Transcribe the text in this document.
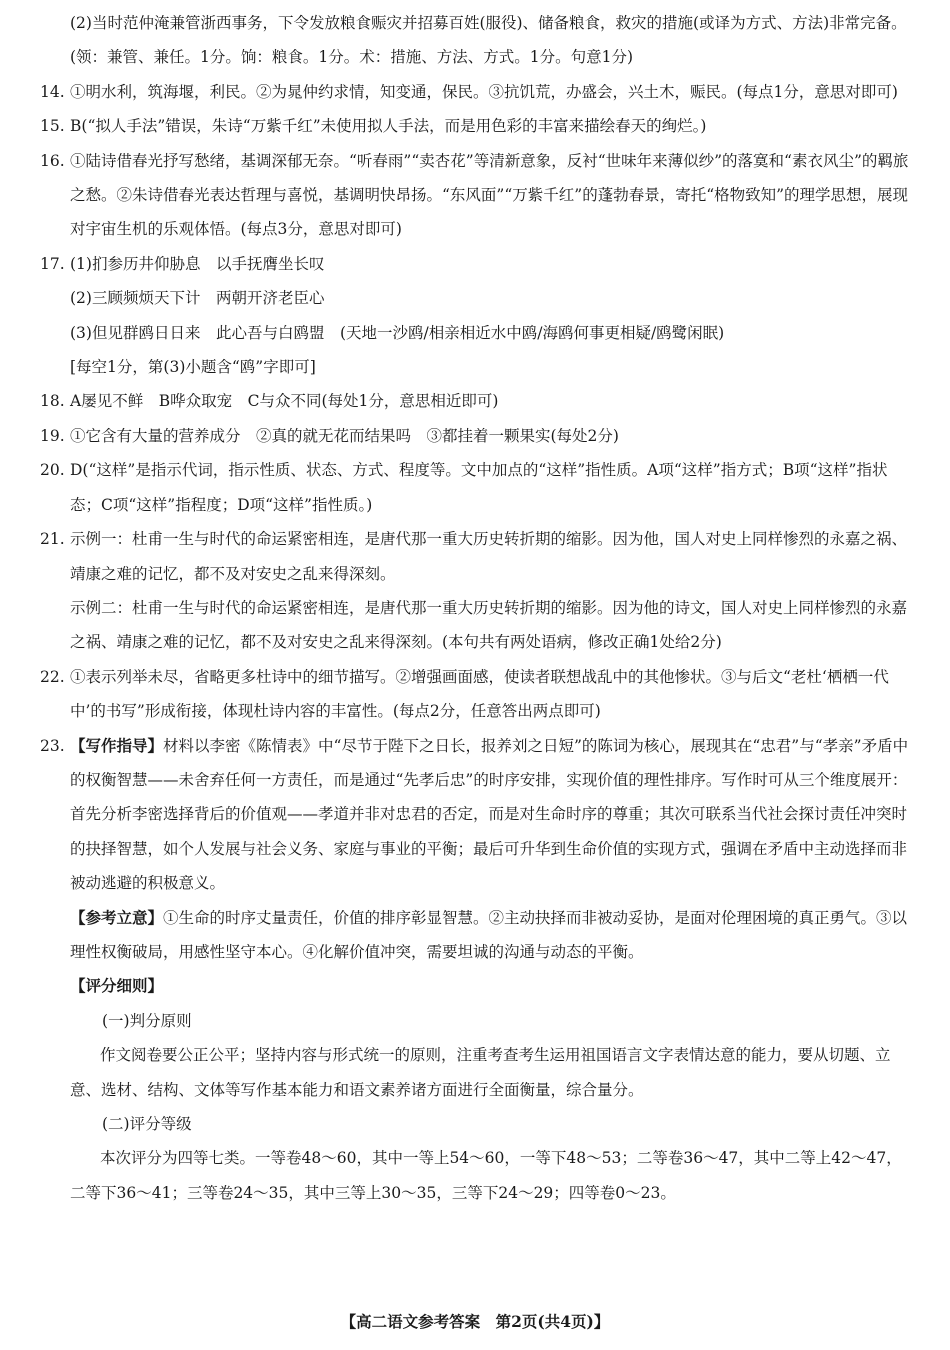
(2)当时范仲淹兼管浙西事务，下令发放粮食赈灾并招募百姓(服役)、储备粮食，救灾的措施(或译为方式、方法)非常完备。(领：兼管、兼任。1分。饷：粮食。1分。术：措施、方法、方式。1分。句意1分)

14. ①明水利，筑海堰，利民。②为晁仲约求情，知变通，保民。③抗饥荒，办盛会，兴土木，赈民。(每点1分，意思对即可)

15. B(“拟人手法”错误，朱诗“万紫千红”未使用拟人手法，而是用色彩的丰富来描绘春天的绚烂。)

16. ①陆诗借春光抒写愁绪，基调深郁无奈。“听春雨”“卖杏花”等清新意象，反衬“世味年来薄似纱”的落寞和“素衣风尘”的羁旅之愁。②朱诗借春光表达哲理与喜悦，基调明快昂扬。“东风面”“万紫千红”的蓬勃春景，寄托“格物致知”的理学思想，展现对宇宙生机的乐观体悟。(每点3分，意思对即可)

17. (1)扪参历井仰胁息　以手抚膺坐长叹

(2)三顾频烦天下计　两朝开济老臣心

(3)但见群鸥日日来　此心吾与白鸥盟　(天地一沙鸥/相亲相近水中鸥/海鸥何事更相疑/鸥鹭闲眠)

[每空1分，第(3)小题含“鸥”字即可]

18. A屡见不鲜　B哗众取宠　C与众不同(每处1分，意思相近即可)

19. ①它含有大量的营养成分　②真的就无花而结果吗　③都挂着一颗果实(每处2分)

20. D(“这样”是指示代词，指示性质、状态、方式、程度等。文中加点的“这样”指性质。A项“这样”指方式；B项“这样”指状态；C项“这样”指程度；D项“这样”指性质。)

21. 示例一：杜甫一生与时代的命运紧密相连，是唐代那一重大历史转折期的缩影。因为他，国人对史上同样惨烈的永嘉之祸、靖康之难的记忆，都不及对安史之乱来得深刻。

示例二：杜甫一生与时代的命运紧密相连，是唐代那一重大历史转折期的缩影。因为他的诗文，国人对史上同样惨烈的永嘉之祸、靖康之难的记忆，都不及对安史之乱来得深刻。(本句共有两处语病，修改正确1处给2分)

22. ①表示列举未尽，省略更多杜诗中的细节描写。②增强画面感，使读者联想战乱中的其他惨状。③与后文“老杜‘栖栖一代中’的书写”形成衔接，体现杜诗内容的丰富性。(每点2分，任意答出两点即可)

23. 【写作指导】材料以李密《陈情表》中“尽节于陛下之日长，报养刘之日短”的陈词为核心，展现其在“忠君”与“孝亲”矛盾中的权衡智慧——未舍弃任何一方责任，而是通过“先孝后忠”的时序安排，实现价值的理性排序。写作时可从三个维度展开：首先分析李密选择背后的价值观——孝道并非对忠君的否定，而是对生命时序的尊重；其次可联系当代社会探讨责任冲突时的抉择智慧，如个人发展与社会义务、家庭与事业的平衡；最后可升华到生命价值的实现方式，强调在矛盾中主动选择而非被动逃避的积极意义。

【参考立意】①生命的时序丈量责任，价值的排序彰显智慧。②主动抉择而非被动妥协，是面对伦理困境的真正勇气。③以理性权衡破局，用感性坚守本心。④化解价值冲突，需要坦诚的沟通与动态的平衡。

【评分细则】

(一)判分原则

作文阅卷要公正公平；坚持内容与形式统一的原则，注重考查考生运用祖国语言文字表情达意的能力，要从切题、立意、选材、结构、文体等写作基本能力和语文素养诸方面进行全面衡量，综合量分。

(二)评分等级

本次评分为四等七类。一等卷48～60，其中一等上54～60，一等下48～53；二等卷36～47，其中二等上42～47，二等下36～41；三等卷24～35，其中三等上30～35，三等下24～29；四等卷0～23。

【高二语文参考答案　第2页(共4页)】
